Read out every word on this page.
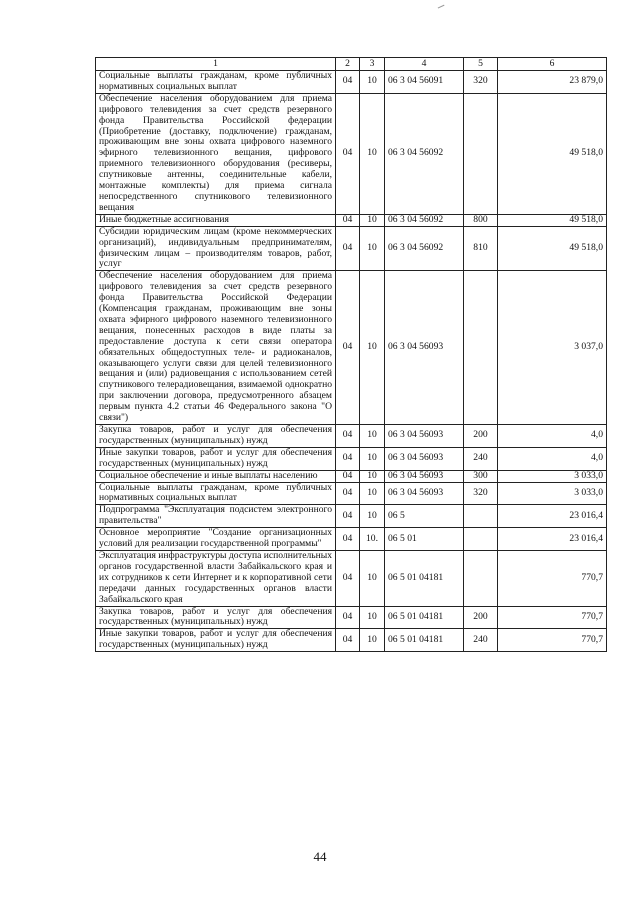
1	2	3	4	5	6
Социальные выплаты гражданам, кроме публичных нормативных социальных выплат	04	10	06 3 04 56091	320	23 879,0
Обеспечение населения оборудованием для приема цифрового телевидения за счет средств резервного фонда Правительства Российской федерации (Приобретение (доставку, подключение) гражданам, проживающим вне зоны охвата цифрового наземного эфирного телевизионного вещания, цифрового приемного телевизионного оборудования (ресиверы, спутниковые антенны, соединительные кабели, монтажные комплекты) для приема сигнала непосредственного спутникового телевизионного вещания	04	10	06 3 04 56092		49 518,0
Иные бюджетные ассигнования	04	10	06 3 04 56092	800	49 518,0
Субсидии юридическим лицам (кроме некоммерческих организаций), индивидуальным предпринимателям, физическим лицам – производителям товаров, работ, услуг	04	10	06 3 04 56092	810	49 518,0
Обеспечение населения оборудованием для приема цифрового телевидения за счет средств резервного фонда Правительства Российской Федерации (Компенсация гражданам, проживающим вне зоны охвата эфирного цифрового наземного телевизионного вещания, понесенных расходов в виде платы за предоставление доступа к сети связи оператора обязательных общедоступных теле- и радиоканалов, оказывающего услуги связи для целей телевизионного вещания и (или) радиовещания с использованием сетей спутникового телерадиовещания, взимаемой однократно при заключении договора, предусмотренного абзацем первым пункта 4.2 статьи 46 Федерального закона "О связи")	04	10	06 3 04 56093		3 037,0
Закупка товаров, работ и услуг для обеспечения государственных (муниципальных) нужд	04	10	06 3 04 56093	200	4,0
Иные закупки товаров, работ и услуг для обеспечения государственных (муниципальных) нужд	04	10	06 3 04 56093	240	4,0
Социальное обеспечение и иные выплаты населению	04	10	06 3 04 56093	300	3 033,0
Социальные выплаты гражданам, кроме публичных нормативных социальных выплат	04	10	06 3 04 56093	320	3 033,0
Подпрограмма "Эксплуатация подсистем электронного правительства"	04	10	06 5		23 016,4
Основное мероприятие "Создание организационных условий для реализации государственной программы"	04	10.	06 5 01		23 016,4
Эксплуатация инфраструктуры доступа исполнительных органов государственной власти Забайкальского края и их сотрудников к сети Интернет и к корпоративной сети передачи данных государственных органов власти Забайкальского края	04	10	06 5 01 04181		770,7
Закупка товаров, работ и услуг для обеспечения государственных (муниципальных) нужд	04	10	06 5 01 04181	200	770,7
Иные закупки товаров, работ и услуг для обеспечения государственных (муниципальных) нужд	04	10	06 5 01 04181	240	770,7
44
